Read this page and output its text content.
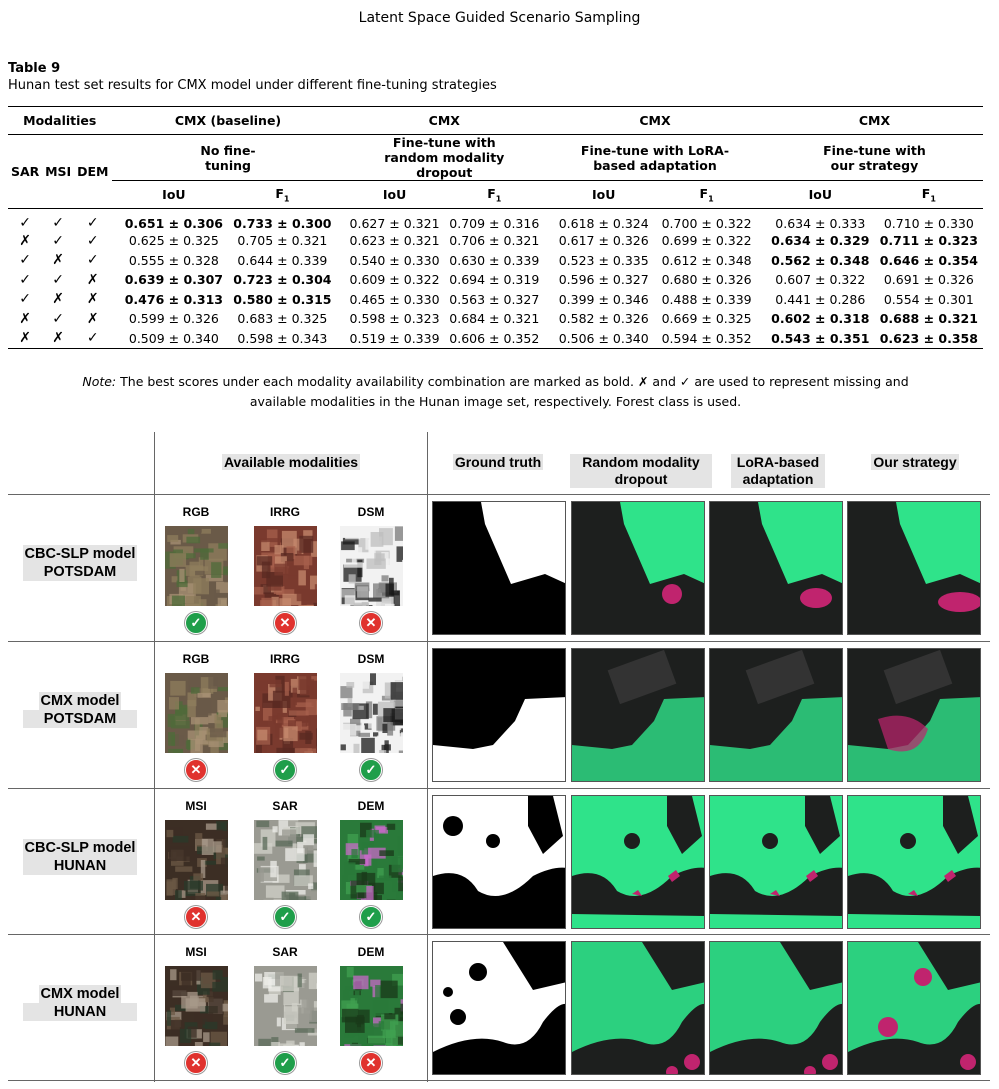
Latent Space Guided Scenario Sampling
Table 9
Hunan test set results for CMX model under different fine-tuning strategies
Modalities			CMX (baseline)		CMX		CMX		CMX	
SAR	MSI	DEM	No fine-tuning		Fine-tune with random modality dropout		Fine-tune with LoRA-based adaptation		Fine-tune with our strategy	
			IoU	$F_1$	IoU	$F_1$	IoU	$F_1$	IoU	$F_1$
✓	✓	✓	0.651 ± 0.306	0.733 ± 0.300	0.627 ± 0.321	0.709 ± 0.316	0.618 ± 0.324	0.700 ± 0.322	0.634 ± 0.333	0.710 ± 0.330
✗	✓	✓	0.625 ± 0.325	0.705 ± 0.321	0.623 ± 0.321	0.706 ± 0.321	0.617 ± 0.326	0.699 ± 0.322	0.634 ± 0.329	0.711 ± 0.323
✓	✗	✓	0.555 ± 0.328	0.644 ± 0.339	0.540 ± 0.330	0.630 ± 0.339	0.523 ± 0.335	0.612 ± 0.348	0.562 ± 0.348	0.646 ± 0.354
✓	✓	✗	0.639 ± 0.307	0.723 ± 0.304	0.609 ± 0.322	0.694 ± 0.319	0.596 ± 0.327	0.680 ± 0.326	0.607 ± 0.322	0.691 ± 0.326
✓	✗	✗	0.476 ± 0.313	0.580 ± 0.315	0.465 ± 0.330	0.563 ± 0.327	0.399 ± 0.346	0.488 ± 0.339	0.441 ± 0.286	0.554 ± 0.301
✗	✓	✗	0.599 ± 0.326	0.683 ± 0.325	0.598 ± 0.323	0.684 ± 0.321	0.582 ± 0.326	0.669 ± 0.325	0.602 ± 0.318	0.688 ± 0.321
✗	✗	✓	0.509 ± 0.340	0.598 ± 0.343	0.519 ± 0.339	0.606 ± 0.352	0.506 ± 0.340	0.594 ± 0.352	0.543 ± 0.351	0.623 ± 0.358
Note: The best scores under each modality availability combination are marked as bold. ✗ and ✓ are used to represent missing and
available modalities in the Hunan image set, respectively. Forest class is used.
Available modalities	Ground truth	Random modality dropout
LoRA-based adaptation
Our strategy
CBC-SLP model
POTSDAM
RGB
✓
IRRG
✕
DSM
✕
CMX model
POTSDAM
RGB
✕
IRRG
✓
DSM
✓
CBC-SLP model
HUNAN
MSI
✕
SAR
✓
DEM
✓
CMX model
HUNAN
MSI
✕
SAR
✓
DEM
✕
